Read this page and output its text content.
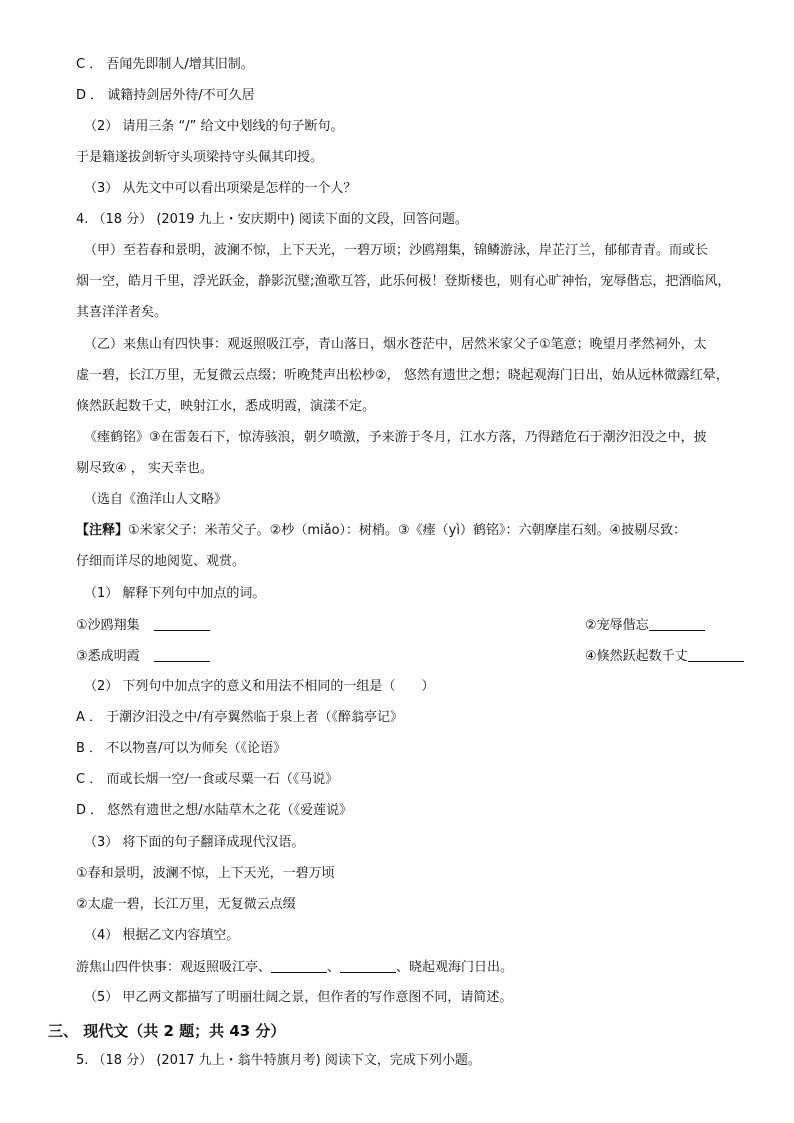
C ． 吾闻先即制人/增其旧制。
D ． 诚籍持剑居外待/不可久居
（2） 请用三条 “/” 给文中划线的句子断句。
于是籍遂拔剑斩守头项梁持守头佩其印授。
（3） 从先文中可以看出项梁是怎样的一个人？
4. （18 分） (2019 九上・安庆期中) 阅读下面的文段，回答问题。
（甲）至若春和景明，波澜不惊，上下天光，一碧万顷；沙鸥翔集，锦鳞游泳，岸芷汀兰，郁郁青青。而或长
烟一空，皓月千里，浮光跃金，静影沉璧;渔歌互答，此乐何极！登斯楼也，则有心旷神怡，宠辱偕忘，把酒临风，
其喜洋洋者矣。
（乙）来焦山有四快事：观返照吸江亭，青山落日，烟水苍茫中，居然米家父子①笔意；晚望月孝然祠外，太
虚一碧，长江万里，无复微云点缀；听晚梵声出松杪②， 悠然有遗世之想；晓起观海门日出，始从远林微露红晕，
倏然跃起数千丈，映射江水，悉成明霞，演漾不定。
《瘗鹤铭》③在雷轰石下，惊涛骇浪，朝夕喷激，予来游于冬月，江水方落，乃得踏危石于潮汐汨没之中，披
剔尽致④ ， 实天幸也。
（选自《渔洋山人文略》
【注释】①米家父子：米芾父子。②杪（miǎo）：树梢。③《瘗（yì）鹤铭》：六朝摩崖石刻。④披剔尽致：
仔细而详尽的地阅览、观赏。
（1） 解释下列句中加点的词。
①沙鸥翔集	②宠辱偕忘
③悉成明霞	④倏然跃起数千丈
（2） 下列句中加点字的意义和用法不相同的一组是（　　）
A ． 于潮汐汨没之中/有亭翼然临于泉上者（《醉翁亭记》
B ． 不以物喜/可以为师矣（《论语》
C ． 而或长烟一空/一食或尽粟一石（《马说》
D ． 悠然有遗世之想/水陆草木之花（《爱莲说》
（3） 将下面的句子翻译成现代汉语。
①春和景明，波澜不惊，上下天光，一碧万顷
②太虚一碧，长江万里，无复微云点缀
（4） 根据乙文内容填空。
游焦山四件快事：观返照吸江亭、	、	、晓起观海门日出。
（5） 甲乙两文都描写了明丽壮阔之景，但作者的写作意图不同，请简述。
三、 现代文（共 2 题；共 43 分）
5. （18 分） (2017 九上・翁牛特旗月考) 阅读下文，完成下列小题。
